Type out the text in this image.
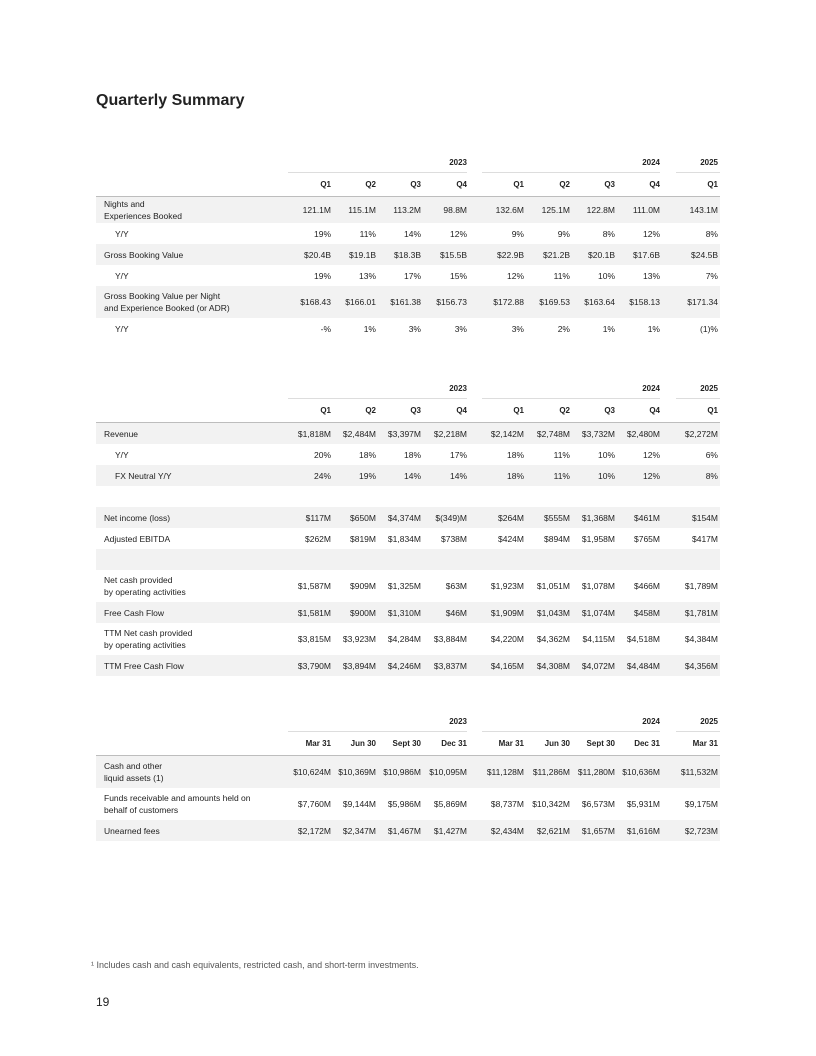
Quarterly Summary
2023	2024	2025
Q1	Q2	Q3	Q4	Q1	Q2	Q3	Q4	Q1
Nights and
Experiences Booked
121.1M	115.1M	113.2M	98.8M	132.6M	125.1M	122.8M	111.0M	143.1M
Y/Y	19%	11%	14%	12%	9%	9%	8%	12%	8%
Gross Booking Value	$20.4B	$19.1B	$18.3B	$15.5B	$22.9B	$21.2B	$20.1B	$17.6B	$24.5B
Y/Y	19%	13%	17%	15%	12%	11%	10%	13%	7%
Gross Booking Value per Night
and Experience Booked (or ADR)
$168.43	$166.01	$161.38	$156.73	$172.88	$169.53	$163.64	$158.13	$171.34
Y/Y	-%	1%	3%	3%	3%	2%	1%	1%	(1)%
2023	2024	2025
Q1	Q2	Q3	Q4	Q1	Q2	Q3	Q4	Q1
Revenue	$1,818M	$2,484M	$3,397M	$2,218M	$2,142M	$2,748M	$3,732M	$2,480M	$2,272M
Y/Y	20%	18%	18%	17%	18%	11%	10%	12%	6%
FX Neutral Y/Y	24%	19%	14%	14%	18%	11%	10%	12%	8%
Net income (loss)	$117M	$650M	$4,374M	$(349)M	$264M	$555M	$1,368M	$461M	$154M
Adjusted EBITDA	$262M	$819M	$1,834M	$738M	$424M	$894M	$1,958M	$765M	$417M
Net cash provided
by operating activities
$1,587M	$909M	$1,325M	$63M	$1,923M	$1,051M	$1,078M	$466M	$1,789M
Free Cash Flow	$1,581M	$900M	$1,310M	$46M	$1,909M	$1,043M	$1,074M	$458M	$1,781M
TTM Net cash provided
by operating activities
$3,815M	$3,923M	$4,284M	$3,884M	$4,220M	$4,362M	$4,115M	$4,518M	$4,384M
TTM Free Cash Flow	$3,790M	$3,894M	$4,246M	$3,837M	$4,165M	$4,308M	$4,072M	$4,484M	$4,356M
2023	2024	2025
Mar 31	Jun 30	Sept 30	Dec 31	Mar 31	Jun 30	Sept 30	Dec 31	Mar 31
Cash and other
liquid assets (1)
$10,624M $10,369M $10,986M $10,095M	$11,128M	$11,286M $11,280M $10,636M	$11,532M
Funds receivable and amounts held on
behalf of customers
$7,760M	$9,144M	$5,986M	$5,869M	$8,737M $10,342M	$6,573M	$5,931M	$9,175M
Unearned fees	$2,172M	$2,347M	$1,467M	$1,427M	$2,434M	$2,621M	$1,657M	$1,616M	$2,723M
¹ Includes cash and cash equivalents, restricted cash, and short-term investments.
19
